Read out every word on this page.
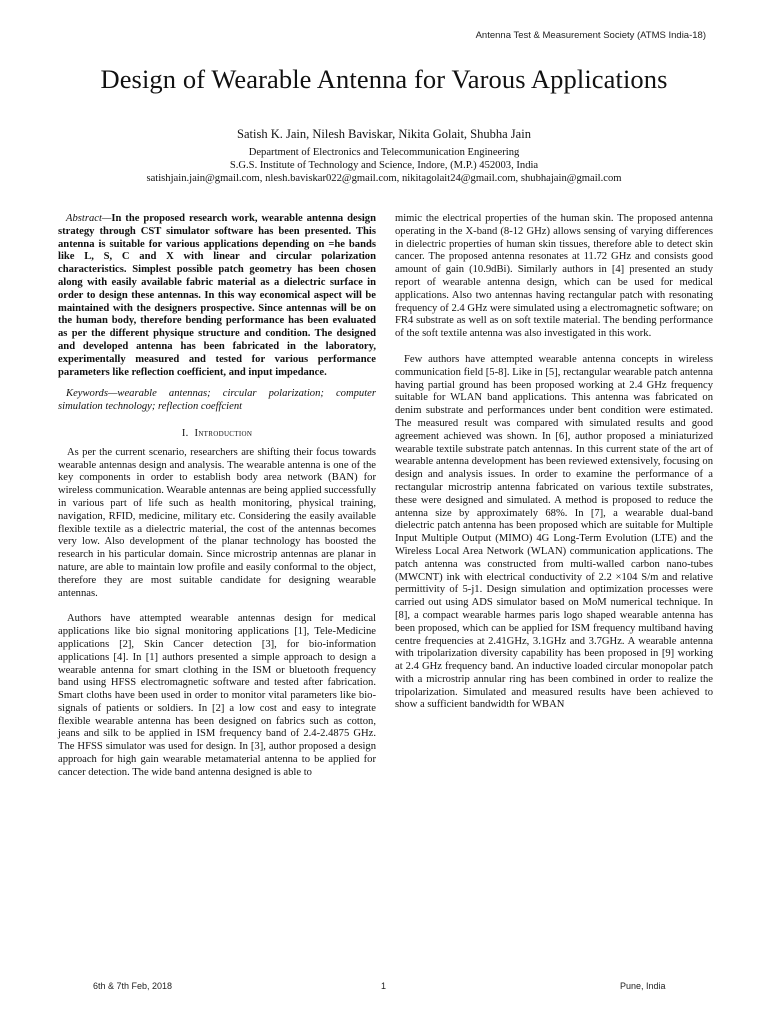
Antenna Test & Measurement Society (ATMS India-18)
Design of Wearable Antenna for Varous Applications
Satish K. Jain, Nilesh Baviskar, Nikita Golait, Shubha Jain
Department of Electronics and Telecommunication Engineering
S.G.S. Institute of Technology and Science, Indore, (M.P.) 452003, India
satishjain.jain@gmail.com, nlesh.baviskar022@gmail.com, nikitagolait24@gmail.com, shubhajain@gmail.com

Abstract—In the proposed research work, wearable antenna design strategy through CST simulator software has been presented. This antenna is suitable for various applications depending on =he bands like L, S, C and X with linear and circular polarization characteristics. Simplest possible patch geometry has been chosen along with easily available fabric material as a dielectric surface in order to design these antennas. In this way economical aspect will be maintained with the designers prospective. Since antennas will be on the human body, therefore bending performance has been evaluated as per the different physique structure and condition. The designed and developed antenna has been fabricated in the laboratory, experimentally measured and tested for various performance parameters like reflection coefficient, and input impedance.

Keywords—wearable antennas; circular polarization; computer simulation technology; reflection coeffcient

I. Introduction

As per the current scenario, researchers are shifting their focus towards wearable antennas design and analysis. The wearable antenna is one of the key components in order to establish body area network (BAN) for wireless communication. Wearable antennas are being applied successfully in various part of life such as health monitoring, physical training, navigation, RFID, medicine, military etc. Considering the easily available flexible textile as a dielectric material, the cost of the antennas becomes very low. Also development of the planar technology has boosted the research in his particular domain. Since microstrip antennas are planar in nature, are able to maintain low profile and easily conformal to the object, therefore they are most suitable candidate for designing wearable antennas.

Authors have attempted wearable antennas design for medical applications like bio signal monitoring applications [1], Tele-Medicine applications [2], Skin Cancer detection [3], for bio-information applications [4]. In [1] authors presented a simple approach to design a wearable antenna for smart clothing in the ISM or bluetooth frequency band using HFSS electromagnetic software and tested after fabrication. Smart cloths have been used in order to monitor vital parameters like bio- signals of patients or soldiers. In [2] a low cost and easy to integrate flexible wearable antenna has been designed on fabrics such as cotton, jeans and silk to be applied in ISM frequency band of 2.4-2.4875 GHz. The HFSS simulator was used for design. In [3], author proposed a design approach for high gain wearable metamaterial antenna to be applied for cancer detection. The wide band antenna designed is able to

mimic the electrical properties of the human skin. The proposed antenna operating in the X-band (8-12 GHz) allows sensing of varying differences in dielectric properties of human skin tissues, therefore able to detect skin cancer. The proposed antenna resonates at 11.72 GHz and consists good amount of gain (10.9dBi). Similarly authors in [4] presented an study report of wearable antenna design, which can be used for medical applications. Also two antennas having rectangular patch with resonating frequency of 2.4 GHz were simulated using a electromagnetic software; on FR4 substrate as well as on soft textile material. The bending performance of the soft textile antenna was also investigated in this work.

Few authors have attempted wearable antenna concepts in wireless communication field [5-8]. Like in [5], rectangular wearable patch antenna having partial ground has been proposed working at 2.4 GHz frequency suitable for WLAN band applications. This antenna was fabricated on denim substrate and performances under bent condition were estimated. The measured result was compared with simulated results and good agreement achieved was shown. In [6], author proposed a miniaturized wearable textile substrate patch antennas. In this current state of the art of wearable antenna development has been reviewed extensively, focusing on design and analysis issues. In order to examine the performance of a rectangular microstrip antenna fabricated on various textile substrates, these were designed and simulated. A method is proposed to reduce the antenna size by approximately 68%. In [7], a wearable dual-band dielectric patch antenna has been proposed which are suitable for Multiple Input Multiple Output (MIMO) 4G Long-Term Evolution (LTE) and the Wireless Local Area Network (WLAN) communication applications. The patch antenna was constructed from multi-walled carbon nano-tubes (MWCNT) ink with electrical conductivity of 2.2 ×104 S/m and relative permittivity of 5-j1. Design simulation and optimization processes were carried out using ADS simulator based on MoM numerical technique. In [8], a compact wearable harmes paris logo shaped wearable antenna has been proposed, which can be applied for ISM frequency multiband having centre frequencies at 2.41GHz, 3.1GHz and 3.7GHz. A wearable antenna with tripolarization diversity capability has been proposed in [9] working at 2.4 GHz frequency band. An inductive loaded circular monopolar patch with a microstrip annular ring has been combined in order to realize the tripolarization. Simulated and measured results have been achieved to show a sufficient bandwidth for WBAN

6th & 7th Feb, 2018	1	Pune, India
